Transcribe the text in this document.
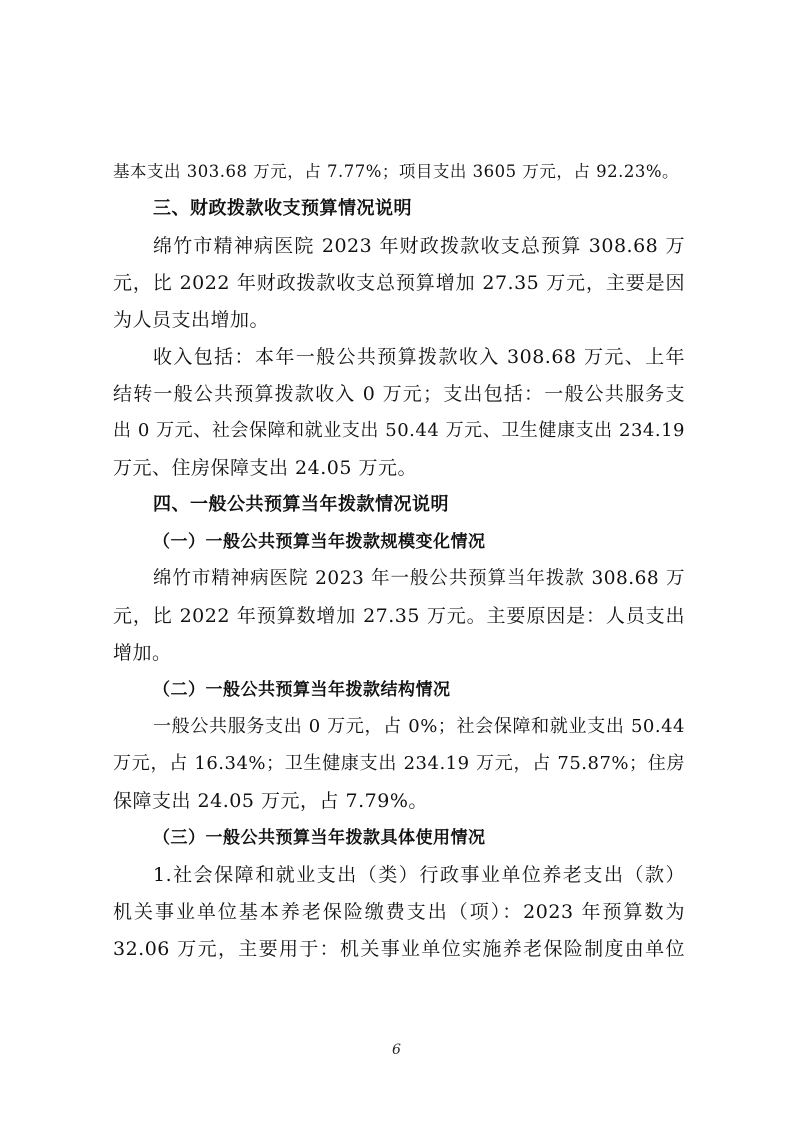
基本支出 303.68 万元，占 7.77%；项目支出 3605 万元，占 92.23%。
三、财政拨款收支预算情况说明
绵竹市精神病医院 2023 年财政拨款收支总预算 308.68 万
元，比 2022 年财政拨款收支总预算增加 27.35 万元，主要是因
为人员支出增加。
收入包括：本年一般公共预算拨款收入 308.68 万元、上年
结转一般公共预算拨款收入 0 万元；支出包括：一般公共服务支
出 0 万元、社会保障和就业支出 50.44 万元、卫生健康支出 234.19
万元、住房保障支出 24.05 万元。
四、一般公共预算当年拨款情况说明
（一）一般公共预算当年拨款规模变化情况
绵竹市精神病医院 2023 年一般公共预算当年拨款 308.68 万
元，比 2022 年预算数增加 27.35 万元。主要原因是：人员支出
增加。
（二）一般公共预算当年拨款结构情况
一般公共服务支出 0 万元，占 0%；社会保障和就业支出 50.44
万元，占 16.34%；卫生健康支出 234.19 万元，占 75.87%；住房
保障支出 24.05 万元，占 7.79%。
（三）一般公共预算当年拨款具体使用情况
1.社会保障和就业支出（类）行政事业单位养老支出（款）
机关事业单位基本养老保险缴费支出（项）：2023 年预算数为
32.06 万元，主要用于：机关事业单位实施养老保险制度由单位
6
